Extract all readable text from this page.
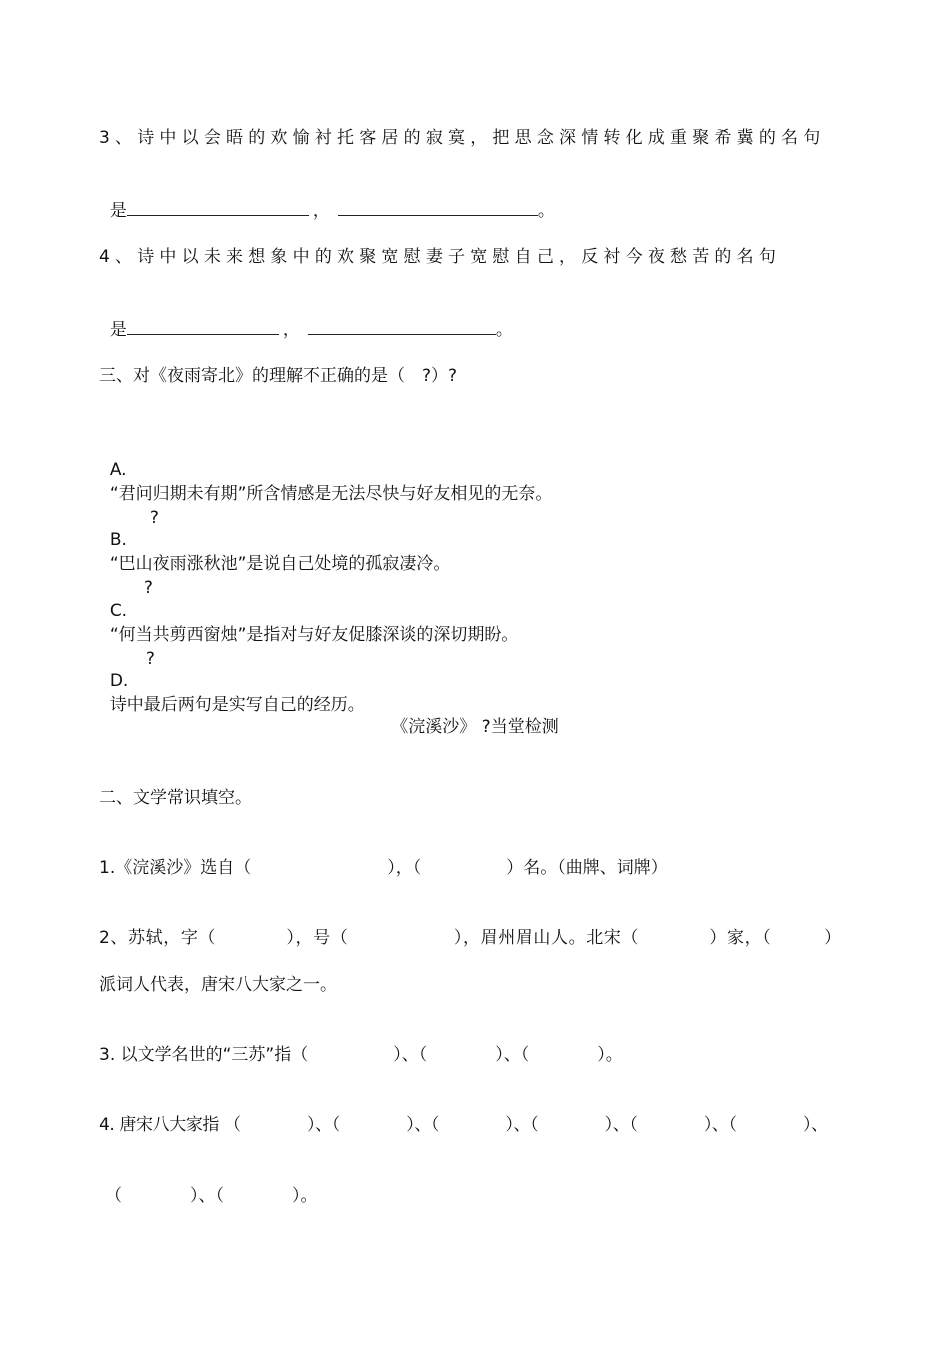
3、诗中以会晤的欢愉衬托客居的寂寞，把思念深情转化成重聚希冀的名句

是	，	。

4、诗中以未来想象中的欢聚宽慰妻子宽慰自己，反衬今夜愁苦的名句

是	，	。

三、对《夜雨寄北》的理解不正确的是（　?）?

A.
“君问归期未有期”所含情感是无法尽快与好友相见的无奈。
?

B.
“巴山夜雨涨秋池”是说自己处境的孤寂凄冷。
?

C.
“何当共剪西窗烛”是指对与好友促膝深谈的深切期盼。
?

D.
诗中最后两句是实写自己的经历。

《浣溪沙》 ?当堂检测
二、文学常识填空。
1.《浣溪沙》选自（　　　　　　　　），（　　　　　）名。（曲牌、词牌）
2、苏轼，字（　　　　），号（　　　　　　），眉州眉山人。北宋（　　　　）家，（　　　）
派词人代表，唐宋八大家之一。
3. 以文学名世的“三苏”指（　　　　　）、（　　　　）、（　　　　）。
4. 唐宋八大家指 （　　　　）、（　　　　）、（　　　　）、（　　　　）、（　　　　）、（　　　　）、
（　　　　）、（　　　　）。
